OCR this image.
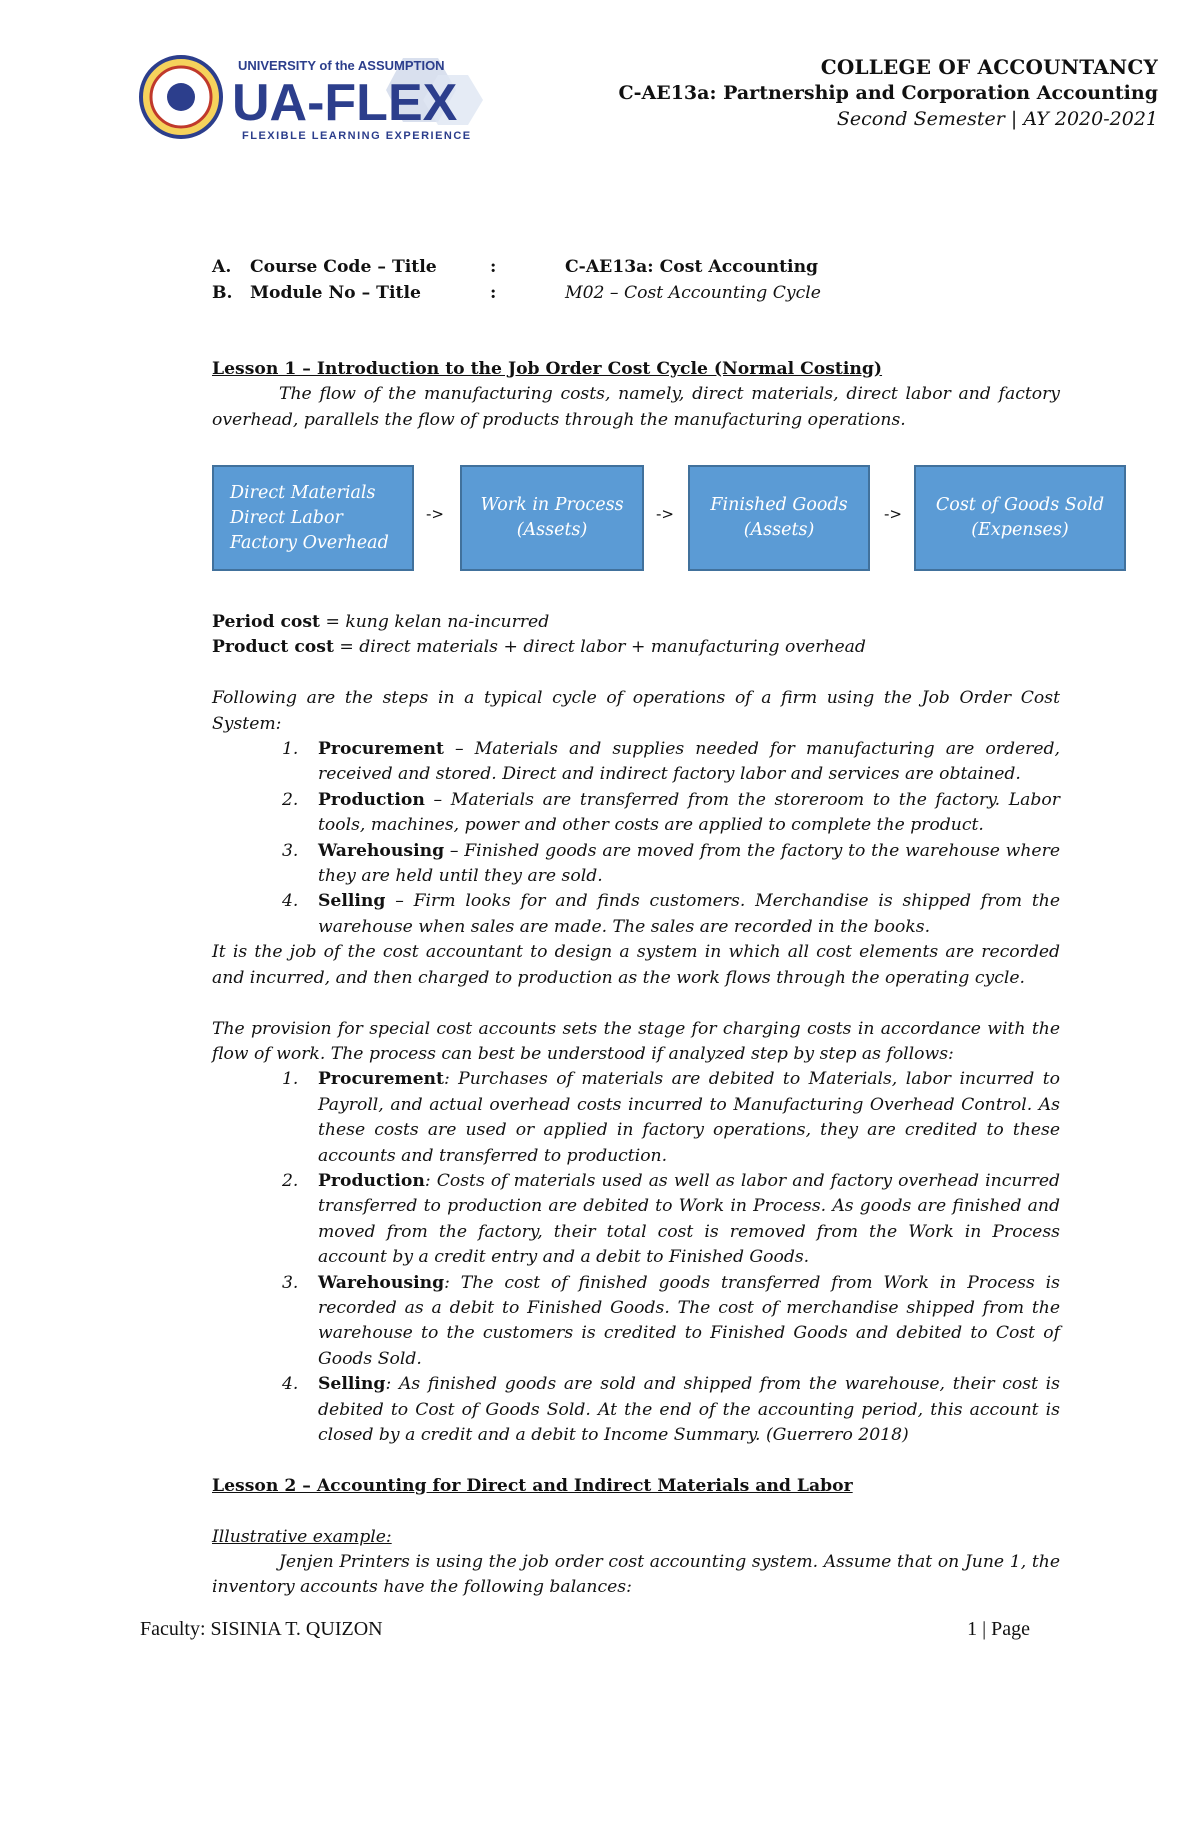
UNIVERSITY of the ASSUMPTION
UA-FLEX
FLEXIBLE LEARNING EXPERIENCE
COLLEGE OF ACCOUNTANCY
C-AE13a: Partnership and Corporation Accounting
Second Semester | AY 2020-2021
A.	Course Code – Title	:	C-AE13a: Cost Accounting
B.	Module No – Title	:	M02 – Cost Accounting Cycle

Lesson 1 – Introduction to the Job Order Cost Cycle (Normal Costing)

The flow of the manufacturing costs, namely, direct materials, direct labor and factory overhead, parallels the flow of products through the manufacturing operations.

Direct Materials
Direct Labor
Factory Overhead
->	Work in Process
(Assets)
->	Finished Goods
(Assets)
->	Cost of Goods Sold
(Expenses)

Period cost = kung kelan na-incurred

Product cost = direct materials + direct labor + manufacturing overhead

Following are the steps in a typical cycle of operations of a firm using the Job Order Cost System:

1. Procurement – Materials and supplies needed for manufacturing are ordered, received and stored. Direct and indirect factory labor and services are obtained.
2. Production – Materials are transferred from the storeroom to the factory. Labor tools, machines, power and other costs are applied to complete the product.
3. Warehousing – Finished goods are moved from the factory to the warehouse where they are held until they are sold.
4. Selling – Firm looks for and finds customers. Merchandise is shipped from the warehouse when sales are made. The sales are recorded in the books.

It is the job of the cost accountant to design a system in which all cost elements are recorded and incurred, and then charged to production as the work flows through the operating cycle.

The provision for special cost accounts sets the stage for charging costs in accordance with the flow of work. The process can best be understood if analyzed step by step as follows:

1. Procurement: Purchases of materials are debited to Materials, labor incurred to Payroll, and actual overhead costs incurred to Manufacturing Overhead Control. As these costs are used or applied in factory operations, they are credited to these accounts and transferred to production.
2. Production: Costs of materials used as well as labor and factory overhead incurred transferred to production are debited to Work in Process. As goods are finished and moved from the factory, their total cost is removed from the Work in Process account by a credit entry and a debit to Finished Goods.
3. Warehousing: The cost of finished goods transferred from Work in Process is recorded as a debit to Finished Goods. The cost of merchandise shipped from the warehouse to the customers is credited to Finished Goods and debited to Cost of Goods Sold.
4. Selling: As finished goods are sold and shipped from the warehouse, their cost is debited to Cost of Goods Sold. At the end of the accounting period, this account is closed by a credit and a debit to Income Summary. (Guerrero 2018)

Lesson 2 – Accounting for Direct and Indirect Materials and Labor

Illustrative example:

Jenjen Printers is using the job order cost accounting system. Assume that on June 1, the inventory accounts have the following balances:

Faculty: SISINIA T. QUIZON	1 | Page
